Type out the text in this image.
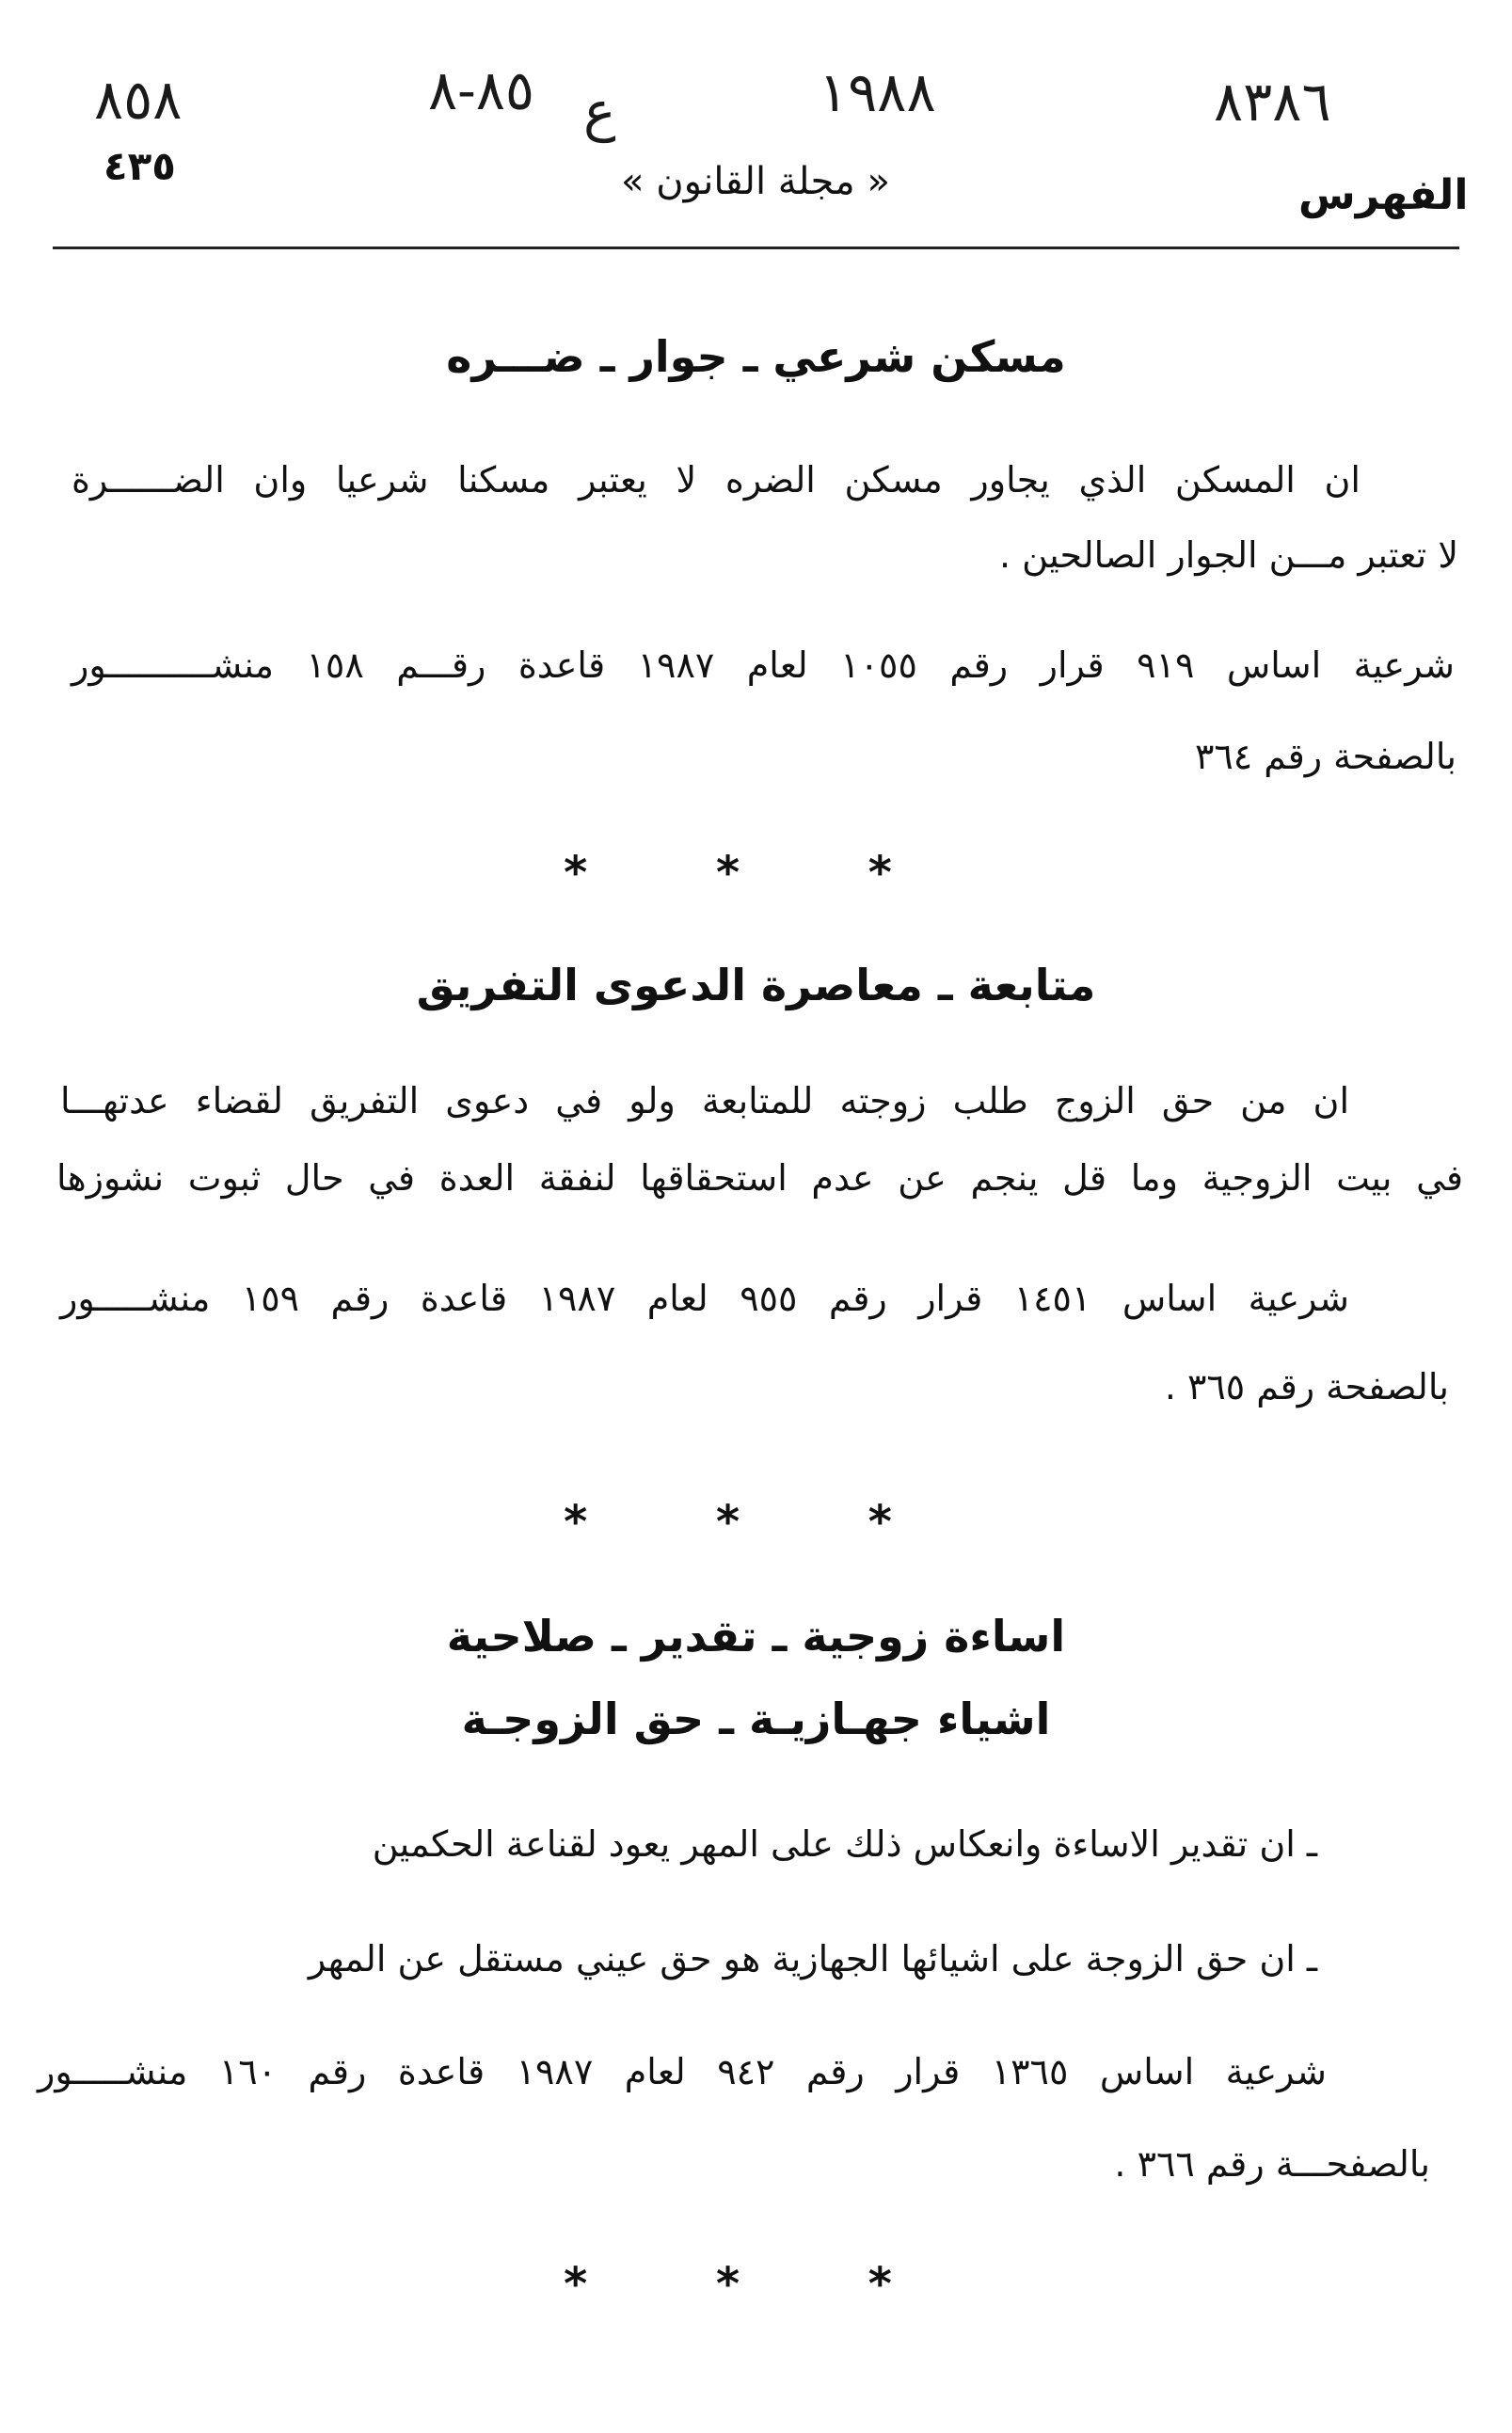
٨٥٨	٨٥-٨ ع	١٩٨٨	٨٣٨٦
٤٣٥	« مجلة القانون »	الفهرس
مسكن شرعي ـ جوار ـ ضـــره
ان المسكن الذي يجاور مسكن الضره لا يعتبر مسكنا شرعيا وان الضــــــرة
لا تعتبر مـــن الجوار الصالحين .
شرعية اساس ٩١٩ قرار رقم ١٠٥٥ لعام ١٩٨٧ قاعدة رقـــم ١٥٨ منشــــــــــور
بالصفحة رقم ٣٦٤
* * *
متابعة ـ معاصرة الدعوى التفريق
ان من حق الزوج طلب زوجته للمتابعة ولو في دعوى التفريق لقضاء عدتهـــا
في بيت الزوجية وما قل ينجم عن عدم استحقاقها لنفقة العدة في حال ثبوت نشوزها
شرعية اساس ١٤٥١ قرار رقم ٩٥٥ لعام ١٩٨٧ قاعدة رقم ١٥٩ منشـــــور
بالصفحة رقم ٣٦٥ .
* * *
اساءة زوجية ـ تقدير ـ صلاحية
اشياء جهـازيـة ـ حق الزوجـة
ـ ان تقدير الاساءة وانعكاس ذلك على المهر يعود لقناعة الحكمين
ـ ان حق الزوجة على اشيائها الجهازية هو حق عيني مستقل عن المهر
شرعية اساس ١٣٦٥ قرار رقم ٩٤٢ لعام ١٩٨٧ قاعدة رقم ١٦٠ منشـــــور
بالصفحـــة رقم ٣٦٦ .
* * *
